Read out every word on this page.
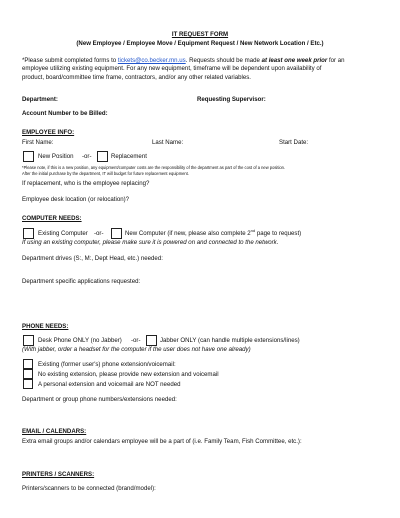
IT REQUEST FORM
(New Employee / Employee Move / Equipment Request / New Network Location / Etc.)
*Please submit completed forms to tickets@co.becker.mn.us. Requests should be made at least one week prior for an
employee utilizing existing equipment. For any new equipment, timeframe will be dependent upon availability of
product, board/committee time frame, contractors, and/or any other related variables.
Department:	Requesting Supervisor:
Account Number to be Billed:
EMPLOYEE INFO:
First Name:	Last Name:	Start Date:
New Position -or-	Replacement
*Please note, if this is a new position, any equipment/computer costs are the responsibility of the department as part of the cost of a new position.
After the initial purchase by the department, IT will budget for future replacement equipment.
If replacement, who is the employee replacing?
Employee desk location (or relocation)?
COMPUTER NEEDS:
Existing Computer -or-	New Computer (if new, please also complete 2nd page to request)
If using an existing computer, please make sure it is powered on and connected to the network.
Department drives (S:, M:, Dept Head, etc.) needed:
Department specific applications requested:
PHONE NEEDS:
Desk Phone ONLY (no Jabber) -or-	Jabber ONLY (can handle multiple extensions/lines)
(With jabber, order a headset for the computer if the user does not have one already)
Existing (former user's) phone extension/voicemail:
No existing extension, please provide new extension and voicemail
A personal extension and voicemail are NOT needed
Department or group phone numbers/extensions needed:
EMAIL / CALENDARS:
Extra email groups and/or calendars employee will be a part of (i.e. Family Team, Fish Committee, etc.):
PRINTERS / SCANNERS:
Printers/scanners to be connected (brand/model):
